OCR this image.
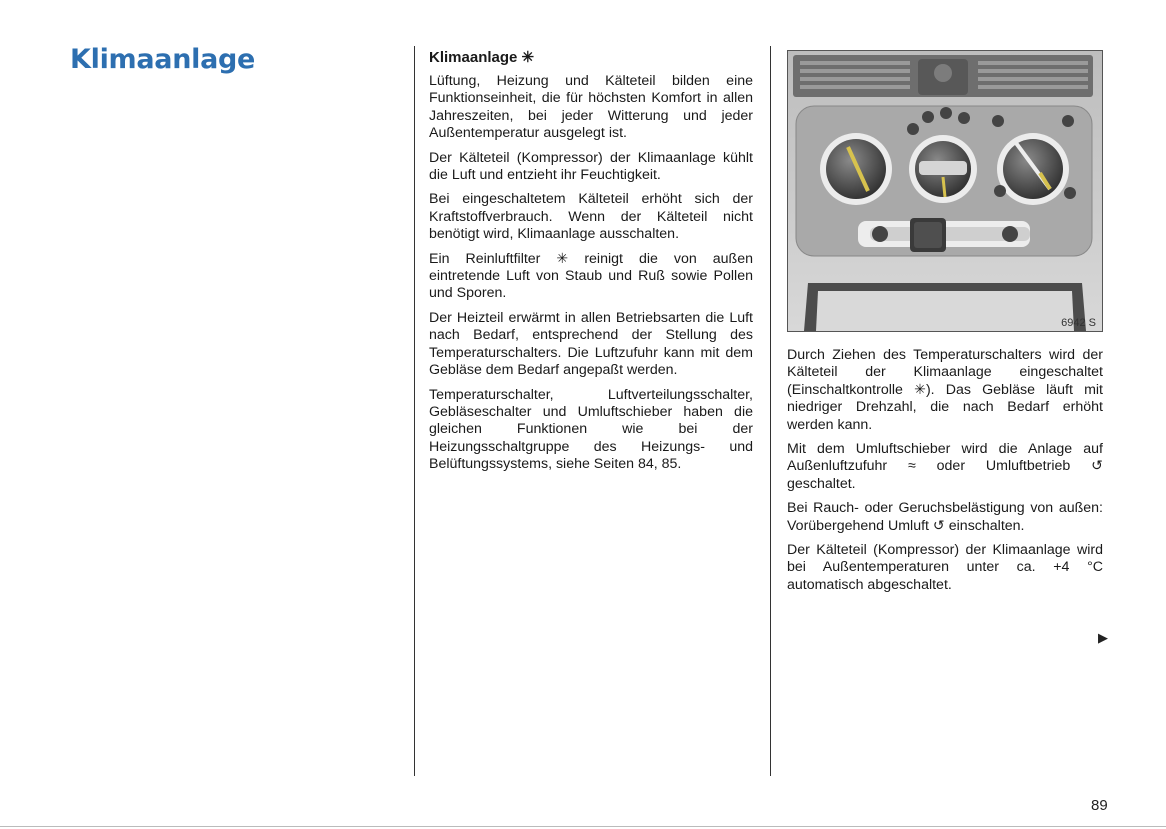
Klimaanlage	Klimaanlage ✳

Lüftung, Heizung und Kälteteil bilden eine Funktionseinheit, die für höchsten Komfort in allen Jahreszeiten, bei jeder Witterung und jeder Außentemperatur ausgelegt ist.

Der Kälteteil (Kompressor) der Klimaanlage kühlt die Luft und entzieht ihr Feuchtigkeit.

Bei eingeschaltetem Kälteteil erhöht sich der Kraftstoffverbrauch. Wenn der Kälteteil nicht benötigt wird, Klimaanlage ausschalten.

Ein Reinluftfilter ✳ reinigt die von außen eintretende Luft von Staub und Ruß sowie Pollen und Sporen.

Der Heizteil erwärmt in allen Betriebsarten die Luft nach Bedarf, entsprechend der Stellung des Temperaturschalters. Die Luftzufuhr kann mit dem Gebläse dem Bedarf angepaßt werden.

Temperaturschalter, Luftverteilungsschalter, Gebläseschalter und Umluftschieber haben die gleichen Funktionen wie bei der Heizungsschaltgruppe des Heizungs- und Belüftungssystems, siehe Seiten 84, 85.

6942 S

Durch Ziehen des Temperaturschalters wird der Kälteteil der Klimaanlage eingeschaltet (Einschaltkontrolle ✳). Das Gebläse läuft mit niedriger Drehzahl, die nach Bedarf erhöht werden kann.

Mit dem Umluftschieber wird die Anlage auf Außenluftzufuhr ≈ oder Umluftbetrieb ↺ geschaltet.

Bei Rauch- oder Geruchsbelästigung von außen: Vorübergehend Umluft ↺ einschalten.

Der Kälteteil (Kompressor) der Klimaanlage wird bei Außentemperaturen unter ca. +4 °C automatisch abgeschaltet.

▶
89
